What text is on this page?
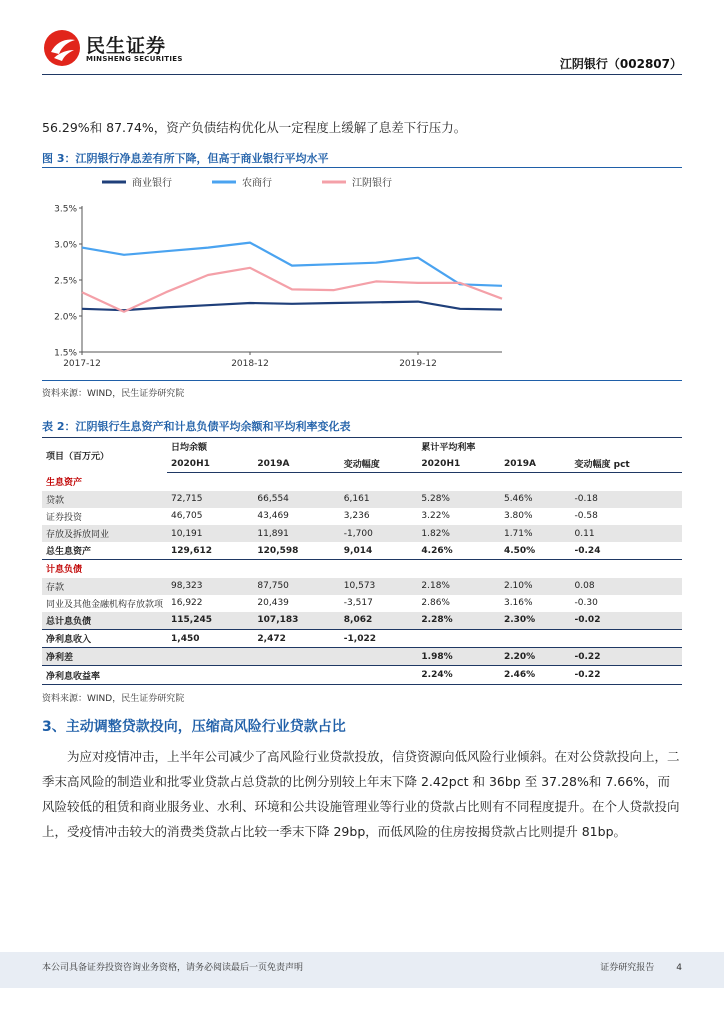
民生证券
MINSHENG SECURITIES	江阴银行（002807）
56.29%和 87.74%，资产负债结构优化从一定程度上缓解了息差下行压力。
图 3：江阴银行净息差有所下降，但高于商业银行平均水平
商业银行	农商行	江阴银行
3.5%
3.0%
2.5%
2.0%
1.5%
2017-12	2018-12	2019-12
资料来源：WIND，民生证券研究院
表 2：江阴银行生息资产和计息负债平均余额和平均利率变化表
项目（百万元）	日均余额			累计平均利率		
	2020H1	2019A	变动幅度	2020H1	2019A	变动幅度 pct
生息资产						
贷款	72,715	66,554	6,161	5.28%	5.46%	-0.18
证券投资	46,705	43,469	3,236	3.22%	3.80%	-0.58
存放及拆放同业	10,191	11,891	-1,700	1.82%	1.71%	0.11
总生息资产	129,612	120,598	9,014	4.26%	4.50%	-0.24
计息负债						
存款	98,323	87,750	10,573	2.18%	2.10%	0.08
同业及其他金融机构存放款项	16,922	20,439	-3,517	2.86%	3.16%	-0.30
总计息负债	115,245	107,183	8,062	2.28%	2.30%	-0.02
净利息收入	1,450	2,472	-1,022			
净利差				1.98%	2.20%	-0.22
净利息收益率				2.24%	2.46%	-0.22
资料来源：WIND，民生证券研究院
3、主动调整贷款投向，压缩高风险行业贷款占比
为应对疫情冲击，上半年公司减少了高风险行业贷款投放，信贷资源向低风险行业倾斜。在对公贷款投向上，二季末高风险的制造业和批零业贷款占总贷款的比例分别较上年末下降 2.42pct 和 36bp 至 37.28%和 7.66%，而风险较低的租赁和商业服务业、水利、环境和公共设施管理业等行业的贷款占比则有不同程度提升。在个人贷款投向上，受疫情冲击较大的消费类贷款占比较一季末下降 29bp，而低风险的住房按揭贷款占比则提升 81bp。
本公司具备证券投资咨询业务资格，请务必阅读最后一页免责声明	证券研究报告 4
